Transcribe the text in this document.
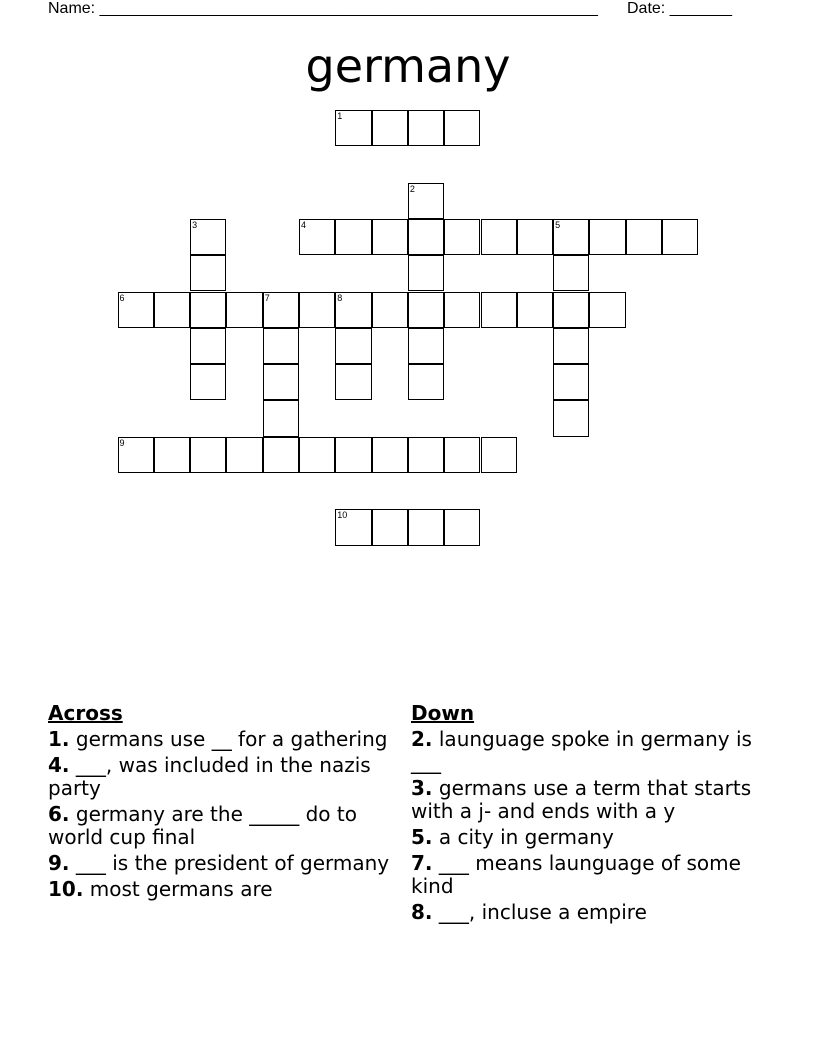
Name: ________________________________________________________ Date: _______
germany
1
2
3	4	5
6	7	8
9
10
Across
1. germans use __ for a gathering
4. ___, was included in the nazis party
6. germany are the _____ do to world cup final
9. ___ is the president of germany
10. most germans are
Down
2. launguage spoke in germany is ___
3. germans use a term that starts with a j- and ends with a y
5. a city in germany
7. ___ means launguage of some kind
8. ___, incluse a empire
